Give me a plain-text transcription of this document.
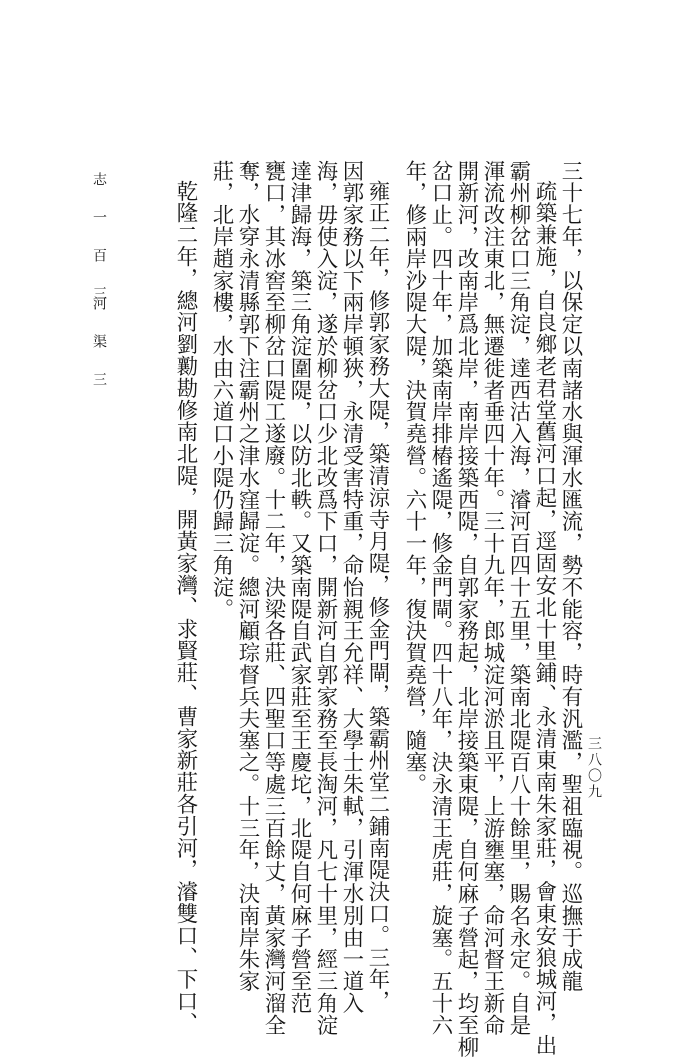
三十七年，以保定以南諸水與渾水匯流，勢不能容，時有汎濫，聖祖臨視。巡撫于成龍
疏築兼施，自良鄉老君堂舊河口起，逕固安北十里鋪、永清東南朱家莊，會東安狼城河，出
霸州柳岔口三角淀，達西沽入海，濬河百四十五里，築南北隄百八十餘里，賜名永定。自是
渾流改注東北，無遷徙者垂四十年。三十九年，郎城淀河淤且平，上游壅塞，命河督王新命
開新河，改南岸爲北岸，南岸接築西隄，自郭家務起，北岸接築東隄，自何麻子營起，均至柳
岔口止。四十年，加築南岸排樁遙隄，修金門閘。四十八年，決永清王虎莊，旋塞。五十六
年，修兩岸沙隄大隄，決賀堯營。六十一年，復決賀堯營，隨塞。
雍正二年，修郭家務大隄，築清涼寺月隄，修金門閘，築霸州堂二鋪南隄決口。三年，
因郭家務以下兩岸頓狹，永清受害特重，命怡親王允祥、大學士朱軾，引渾水別由一道入
海，毋使入淀，遂於柳岔口少北改爲下口，開新河自郭家務至長淘河，凡七十里，經三角淀
達津歸海，築三角淀圍隄，以防北軼。又築南隄自武家莊至王慶坨，北隄自何麻子營至范
甕口，其冰窖至柳岔口隄工遂廢。十二年，決梁各莊、四聖口等處三百餘丈，黃家灣河溜全
奪，水穿永清縣郭下注霸州之津水窪歸淀。總河顧琮督兵夫塞之。十三年，決南岸朱家
莊，北岸趙家樓，水由六道口小隄仍歸三角淀。
乾隆二年，總河劉勷勘修南北隄，開黃家灣、求賢莊、曹家新莊各引河，濬雙口、下口、
志 一 百 三
河 渠 三
三八〇九
